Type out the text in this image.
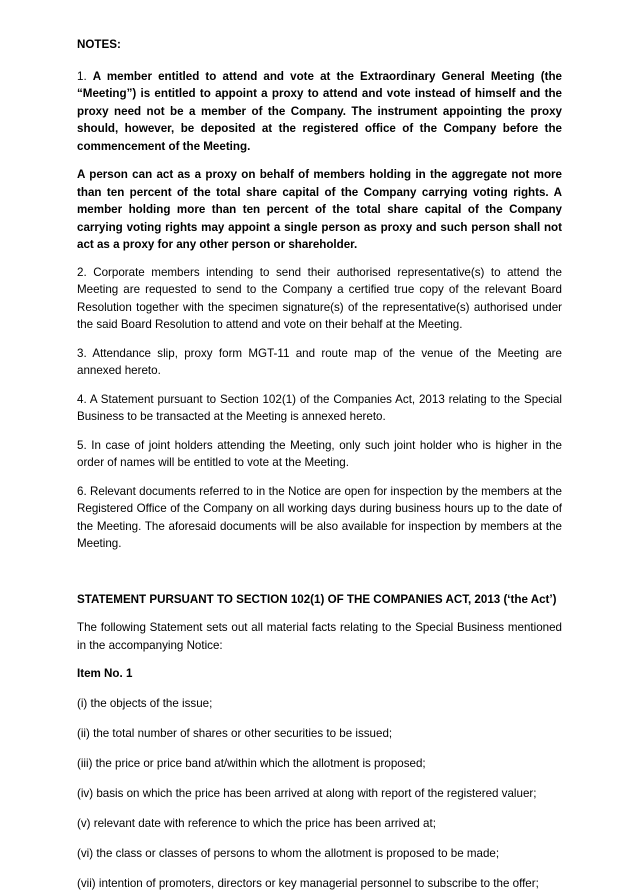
NOTES:

1. A member entitled to attend and vote at the Extraordinary General Meeting (the “Meeting”) is entitled to appoint a proxy to attend and vote instead of himself and the proxy need not be a member of the Company. The instrument appointing the proxy should, however, be deposited at the registered office of the Company before the commencement of the Meeting.

A person can act as a proxy on behalf of members holding in the aggregate not more than ten percent of the total share capital of the Company carrying voting rights. A member holding more than ten percent of the total share capital of the Company carrying voting rights may appoint a single person as proxy and such person shall not act as a proxy for any other person or shareholder.

2. Corporate members intending to send their authorised representative(s) to attend the Meeting are requested to send to the Company a certified true copy of the relevant Board Resolution together with the specimen signature(s) of the representative(s) authorised under the said Board Resolution to attend and vote on their behalf at the Meeting.

3. Attendance slip, proxy form MGT-11 and route map of the venue of the Meeting are annexed hereto.

4. A Statement pursuant to Section 102(1) of the Companies Act, 2013 relating to the Special Business to be transacted at the Meeting is annexed hereto.

5. In case of joint holders attending the Meeting, only such joint holder who is higher in the order of names will be entitled to vote at the Meeting.

6. Relevant documents referred to in the Notice are open for inspection by the members at the Registered Office of the Company on all working days during business hours up to the date of the Meeting. The aforesaid documents will be also available for inspection by members at the Meeting.

STATEMENT PURSUANT TO SECTION 102(1) OF THE COMPANIES ACT, 2013 (‘the Act’)

The following Statement sets out all material facts relating to the Special Business mentioned in the accompanying Notice:

Item No. 1

(i) the objects of the issue;

(ii) the total number of shares or other securities to be issued;

(iii) the price or price band at/within which the allotment is proposed;

(iv) basis on which the price has been arrived at along with report of the registered valuer;

(v) relevant date with reference to which the price has been arrived at;

(vi) the class or classes of persons to whom the allotment is proposed to be made;

(vii) intention of promoters, directors or key managerial personnel to subscribe to the offer;
